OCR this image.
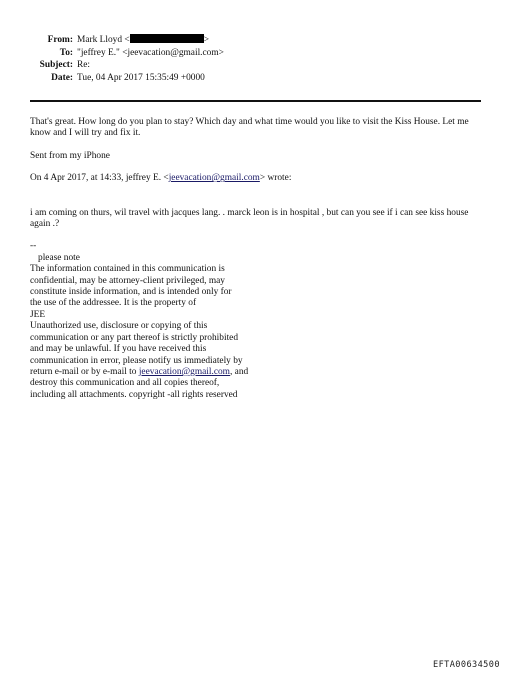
From: Mark Lloyd <	>
To: "jeffrey E." <jeevacation@gmail.com>
Subject: Re:
Date: Tue, 04 Apr 2017 15:35:49 +0000

That's great. How long do you plan to stay? Which day and what time would you like to visit the Kiss House. Let me know and I will try and fix it.

Sent from my iPhone

On 4 Apr 2017, at 14:33, jeffrey E. <jeevacation@gmail.com> wrote:

i am coming on thurs, wil travel with jacques lang. . marck leon is in hospital , but can you see if i can see kiss house again .?

--

please note

The information contained in this communication is

confidential, may be attorney-client privileged, may

constitute inside information, and is intended only for

the use of the addressee. It is the property of

JEE

Unauthorized use, disclosure or copying of this

communication or any part thereof is strictly prohibited

and may be unlawful. If you have received this

communication in error, please notify us immediately by

return e-mail or by e-mail to jeevacation@gmail.com, and

destroy this communication and all copies thereof,

including all attachments. copyright -all rights reserved

EFTA00634500
